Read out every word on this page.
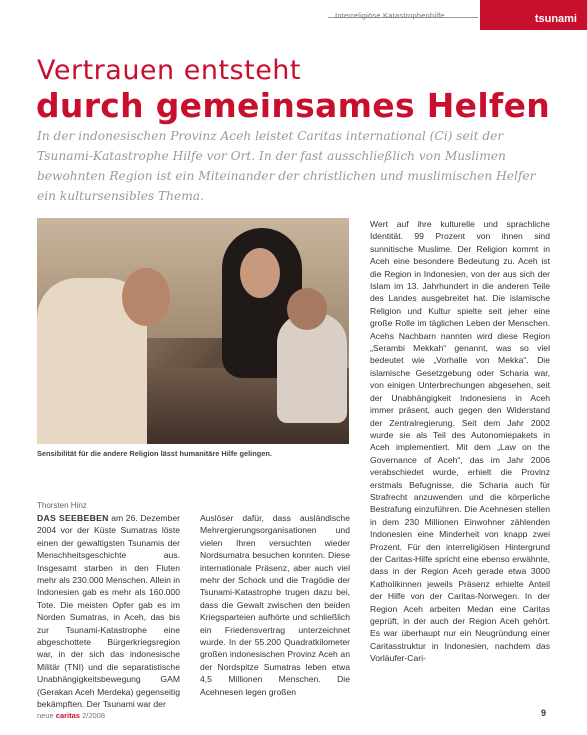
Interreligiöse Katastrophenhilfe	tsunami
Vertrauen entsteht
durch gemeinsames Helfen
In der indonesischen Provinz Aceh leistet Caritas international (Ci) seit der Tsunami-Katastrophe Hilfe vor Ort. In der fast ausschließlich von Muslimen bewohnten Region ist ein Miteinander der christlichen und muslimischen Helfer ein kultursensibles Thema.
Sensibilität für die andere Religion lässt humanitäre Hilfe gelingen.
Thorsten Hinz
DAS SEEBEBEN am 26. Dezember 2004 vor der Küste Sumatras löste einen der gewaltigsten Tsunamis der Menschheitsgeschichte aus. Insgesamt starben in den Fluten mehr als 230.000 Menschen. Allein in Indonesien gab es mehr als 160.000 Tote. Die meisten Opfer gab es im Norden Sumatras, in Aceh, das bis zur Tsunami-Katastrophe eine abgeschottete Bürgerkriegsregion war, in der sich das indonesische Militär (TNI) und die separatistische Unabhängigkeitsbewegung GAM (Gerakan Aceh Merdeka) gegenseitig bekämpften. Der Tsunami war der
Auslöser dafür, dass ausländische Mehrergierungsorganisationen und vielen Ihren versuchten wieder Nordsumatra besuchen konnten. Diese internationale Präsenz, aber auch viel mehr der Schock und die Tragödie der Tsunami-Katastrophe trugen dazu bei, dass die Gewalt zwischen den beiden Kriegsparteien aufhörte und schließlich ein Friedensvertrag unterzeichnet wurde. In der 55.200 Quadratkilometer großen indonesischen Provinz Aceh an der Nordspitze Sumatras leben etwa 4,5 Millionen Menschen. Die Acehnesen legen großen
Wert auf ihre kulturelle und sprachliche Identität. 99 Prozent von ihnen sind sunnitische Muslime. Der Religion kommt in Aceh eine besondere Bedeutung zu. Aceh ist die Region in Indonesien, von der aus sich der Islam im 13. Jahrhundert in die anderen Teile des Landes ausgebreitet hat. Die islamische Religion und Kultur spielte seit jeher eine große Rolle im täglichen Leben der Menschen. Acehs Nachbarn nannten wird diese Region „Serambi Mekkah“ genannt, was so viel bedeutet wie „Vorhalle von Mekka“. Die islamische Gesetzgebung oder Scharia war, von einigen Unterbrechungen abgesehen, seit der Unabhängigkeit Indonesiens in Aceh immer präsent, auch gegen den Widerstand der Zentralregierung. Seit dem Jahr 2002 wurde sie als Teil des Autonomiepakets in Aceh implementiert. Mit dem „Law on the Governance of Aceh“, das im Jahr 2006 verabschiedet wurde, erhielt die Provinz erstmals Befugnisse, die Scharia auch für Strafrecht anzuwenden und die körperliche Bestrafung einzuführen. Die Acehnesen stellen in dem 230 Millionen Einwohner zählenden Indonesien eine Minderheit von knapp zwei Prozent. Für den interreligiösen Hintergrund der Caritas-Hilfe spricht eine ebenso erwähnte, dass in der Region Aceh gerade etwa 3000 Katholikinnen jeweils Präsenz erhielte Anteil der Hilfe von der Caritas-Norwegen. In der Region Aceh arbeiten Medan eine Caritas geprüft, in der auch der Region Aceh gehört. Es war überhaupt nur ein Neugründung einer Caritasstruktur in Indonesien, nachdem das Vorläufer-Cari-
neue caritas 2/2008	9
